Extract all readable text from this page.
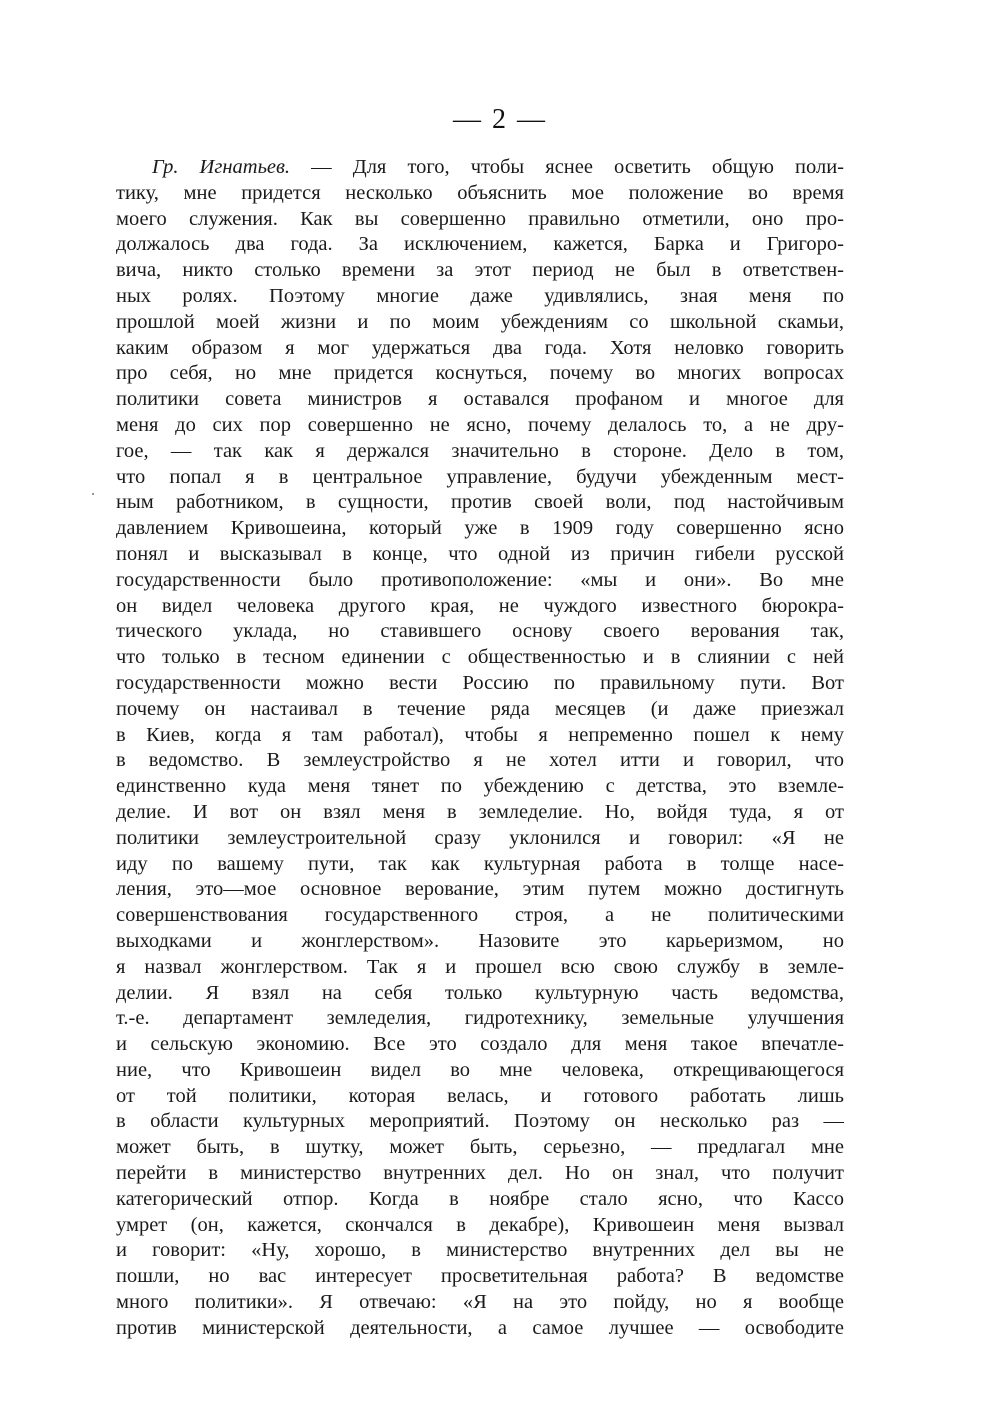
— 2 —
Гр. Игнатьев. — Для того, чтобы яснее осветить общую поли-
тику, мне придется несколько объяснить мое положение во время
моего служения. Как вы совершенно правильно отметили, оно про-
должалось два года. За исключением, кажется, Барка и Григоро-
вича, никто столько времени за этот период не был в ответствен-
ных ролях. Поэтому многие даже удивлялись, зная меня по
прошлой моей жизни и по моим убеждениям со школьной скамьи,
каким образом я мог удержаться два года. Хотя неловко говорить
про себя, но мне придется коснуться, почему во многих вопросах
политики совета министров я оставался профаном и многое для
меня до сих пор совершенно не ясно, почему делалось то, а не дру-
гое, — так как я держался значительно в стороне. Дело в том,
что попал я в центральное управление, будучи убежденным мест-
ным работником, в сущности, против своей воли, под настойчивым
давлением Кривошеина, который уже в 1909 году совершенно ясно
понял и высказывал в конце, что одной из причин гибели русской
государственности было противоположение: «мы и они». Во мне
он видел человека другого края, не чуждого известного бюрокра-
тического уклада, но ставившего основу своего верования так,
что только в тесном единении с общественностью и в слиянии с ней
государственности можно вести Россию по правильному пути. Вот
почему он настаивал в течение ряда месяцев (и даже приезжал
в Киев, когда я там работал), чтобы я непременно пошел к нему
в ведомство. В землеустройство я не хотел итти и говорил, что
единственно куда меня тянет по убеждению с детства, это вземле-
делие. И вот он взял меня в земледелие. Но, войдя туда, я от
политики землеустроительной сразу уклонился и говорил: «Я не
иду по вашему пути, так как культурная работа в толще насе-
ления, это—мое основное верование, этим путем можно достигнуть
совершенствования государственного строя, а не политическими
выходками и жонглерством». Назовите это карьеризмом, но
я назвал жонглерством. Так я и прошел всю свою службу в земле-
делии. Я взял на себя только культурную часть ведомства,
т.-е. департамент земледелия, гидротехнику, земельные улучшения
и сельскую экономию. Все это создало для меня такое впечатле-
ние, что Кривошеин видел во мне человека, открещивающегося
от той политики, которая велась, и готового работать лишь
в области культурных мероприятий. Поэтому он несколько раз —
может быть, в шутку, может быть, серьезно, — предлагал мне
перейти в министерство внутренних дел. Но он знал, что получит
категорический отпор. Когда в ноябре стало ясно, что Кассо
умрет (он, кажется, скончался в декабре), Кривошеин меня вызвал
и говорит: «Ну, хорошо, в министерство внутренних дел вы не
пошли, но вас интересует просветительная работа? В ведомстве
много политики». Я отвечаю: «Я на это пойду, но я вообще
против министерской деятельности, а самое лучшее — освободите
